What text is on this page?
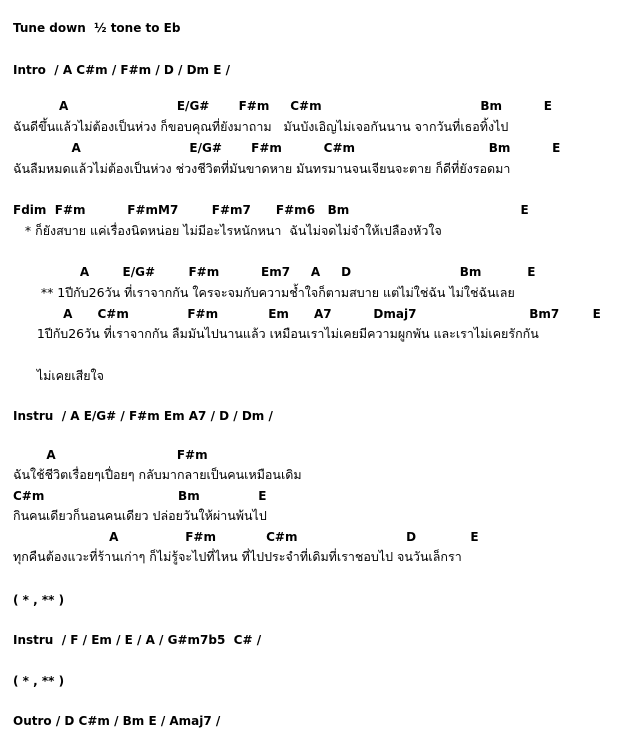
Tune down  ½ tone to Eb
Intro  / A C#m / F#m / D / Dm E /
A                          E/G#       F#m     C#m                                      Bm          E
ฉันดีขึ้นแล้วไม่ต้องเป็นห่วง ก็ขอบคุณที่ยังมาถาม   มันบังเอิญไม่เจอกันนาน จากวันที่เธอทิ้งไป
A                          E/G#       F#m          C#m                                Bm          E
ฉันลืมหมดแล้วไม่ต้องเป็นห่วง ช่วงชีวิตที่มันขาดหาย มันทรมานจนเจียนจะตาย ก็ดีที่ยังรอดมา
Fdim  F#m          F#mM7        F#m7      F#m6   Bm                                         E
* ก็ยังสบาย แค่เรื่องนิดหน่อย ไม่มีอะไรหนักหนา  ฉันไม่จดไม่จำให้เปลืองหัวใจ
A        E/G#        F#m          Em7     A     D                          Bm           E
** 1ปีกับ26วัน ที่เราจากกัน ใครจะจมกับความช้ำใจก็ตามสบาย แต่ไม่ใช่ฉัน ไม่ใช่ฉันเลย
A      C#m              F#m            Em      A7          Dmaj7                           Bm7        E
1ปีกับ26วัน ที่เราจากกัน ลืมมันไปนานแล้ว เหมือนเราไม่เคยมีความผูกพัน และเราไม่เคยรักกัน
ไม่เคยเสียใจ
Instru  / A E/G# / F#m Em A7 / D / Dm /
A                             F#m
ฉันใช้ชีวิตเรื่อยๆเปื่อยๆ กลับมากลายเป็นคนเหมือนเดิม
C#m                                Bm              E
กินคนเดียวก็นอนคนเดียว ปล่อยวันให้ผ่านพ้นไป
A                F#m            C#m                          D             E
ทุกคืนต้องแวะที่ร้านเก่าๆ ก็ไม่รู้จะไปที่ไหน ที่ไปประจำที่เดิมที่เราชอบไป จนวันเล็กรา
( * , ** )
Instru  / F / Em / E / A / G#m7b5  C# /
( * , ** )
Outro / D C#m / Bm E / Amaj7 /
